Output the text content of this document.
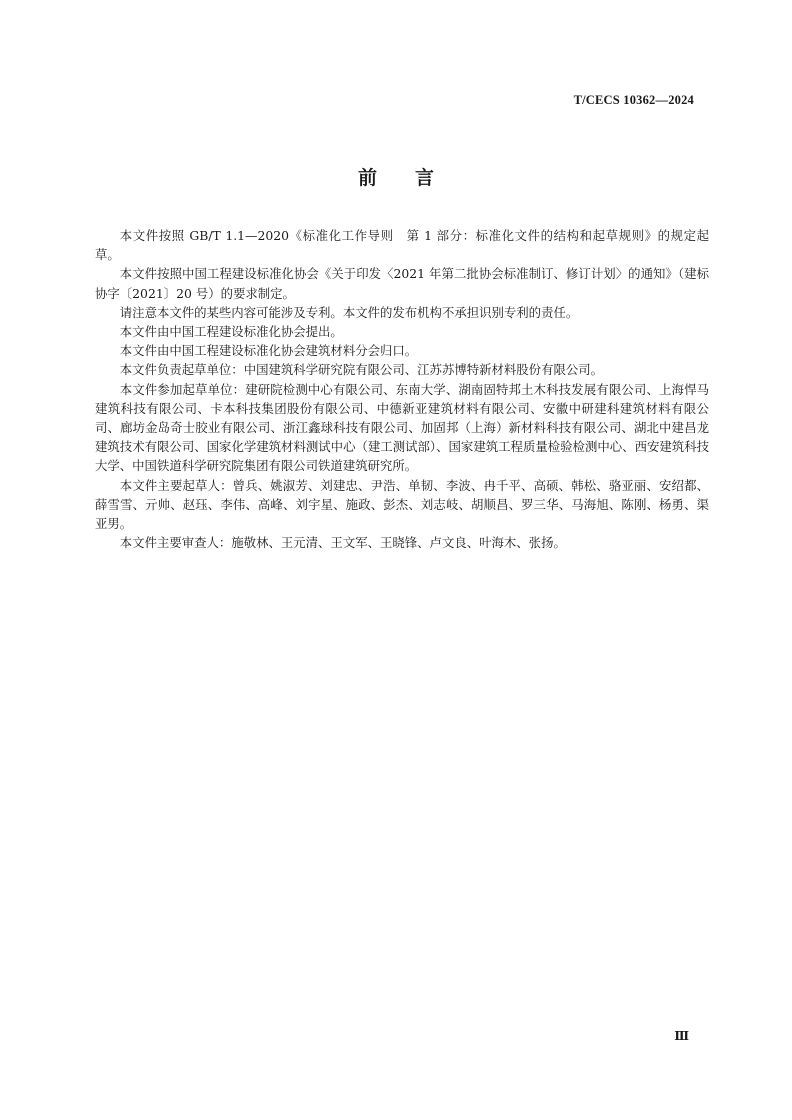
T/CECS 10362—2024
前 言

本文件按照 GB/T 1.1—2020《标准化工作导则　第 1 部分：标准化文件的结构和起草规则》的规定起草。

本文件按照中国工程建设标准化协会《关于印发〈2021 年第二批协会标准制订、修订计划〉的通知》（建标协字〔2021〕20 号）的要求制定。

请注意本文件的某些内容可能涉及专利。本文件的发布机构不承担识别专利的责任。

本文件由中国工程建设标准化协会提出。

本文件由中国工程建设标准化协会建筑材料分会归口。

本文件负责起草单位：中国建筑科学研究院有限公司、江苏苏博特新材料股份有限公司。

本文件参加起草单位：建研院检测中心有限公司、东南大学、湖南固特邦土木科技发展有限公司、上海悍马建筑科技有限公司、卡本科技集团股份有限公司、中德新亚建筑材料有限公司、安徽中研建科建筑材料有限公司、廊坊金岛奇士胶业有限公司、浙江鑫球科技有限公司、加固邦（上海）新材料科技有限公司、湖北中建昌龙建筑技术有限公司、国家化学建筑材料测试中心（建工测试部）、国家建筑工程质量检验检测中心、西安建筑科技大学、中国铁道科学研究院集团有限公司铁道建筑研究所。

本文件主要起草人：曾兵、姚淑芳、刘建忠、尹浩、单韧、李波、冉千平、高硕、韩松、骆亚丽、安绍都、薛雪雪、亓帅、赵珏、李伟、高峰、刘宇星、施政、彭杰、刘志岐、胡顺昌、罗三华、马海旭、陈刚、杨勇、渠亚男。

本文件主要审查人：施敬林、王元清、王文军、王晓锋、卢文良、叶海木、张扬。

Ⅲ
